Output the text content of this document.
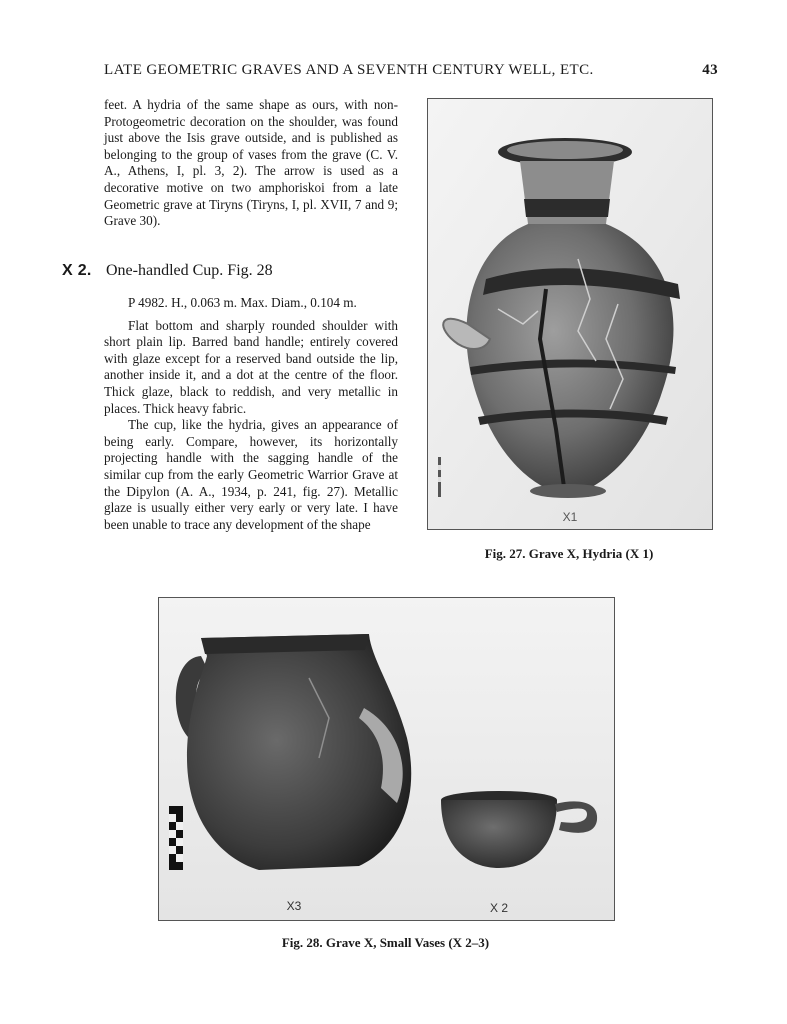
LATE GEOMETRIC GRAVES AND A SEVENTH CENTURY WELL, ETC.	43

feet. A hydria of the same shape as ours, with non-Protogeometric decoration on the shoulder, was found just above the Isis grave outside, and is published as belonging to the group of vases from the grave (C. V. A., Athens, I, pl. 3, 2). The arrow is used as a decorative motive on two amphoriskoi from a late Geometric grave at Tiryns (Tiryns, I, pl. XVII, 7 and 9; Grave 30).

X 2. One-handled Cup. Fig. 28

P 4982. H., 0.063 m. Max. Diam., 0.104 m.

Flat bottom and sharply rounded shoulder with short plain lip. Barred band handle; entirely covered with glaze except for a reserved band outside the lip, another inside it, and a dot at the centre of the floor. Thick glaze, black to reddish, and very metallic in places. Thick heavy fabric.

The cup, like the hydria, gives an appearance of being early. Compare, however, its horizontally projecting handle with the sagging handle of the similar cup from the early Geometric Warrior Grave at the Dipylon (A. A., 1934, p. 241, fig. 27). Metallic glaze is usually either very early or very late. I have been unable to trace any development of the shape	X1
Fig. 27. Grave X, Hydria (X 1)
X3	X 2
Fig. 28. Grave X, Small Vases (X 2–3)
